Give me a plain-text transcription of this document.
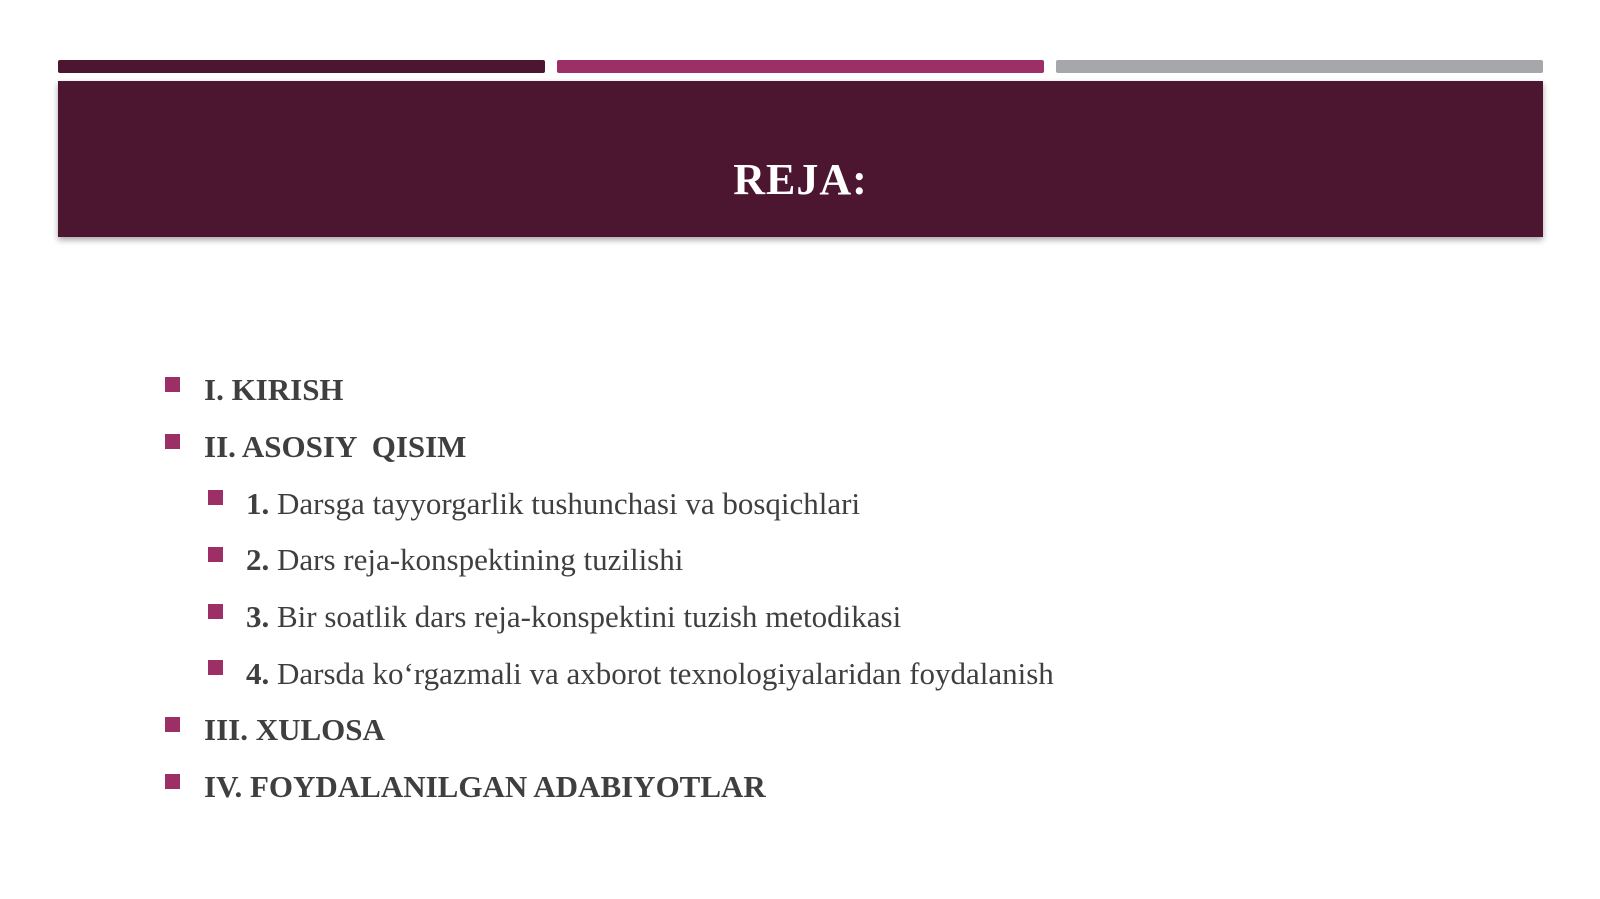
REJA:
I. KIRISH
II. ASOSIY  QISIM
1. Darsga tayyorgarlik tushunchasi va bosqichlari
2. Dars reja-konspektining tuzilishi
3. Bir soatlik dars reja-konspektini tuzish metodikasi
4. Darsda ko‘rgazmali va axborot texnologiyalaridan foydalanish
III. XULOSA
IV. FOYDALANILGAN ADABIYOTLAR
